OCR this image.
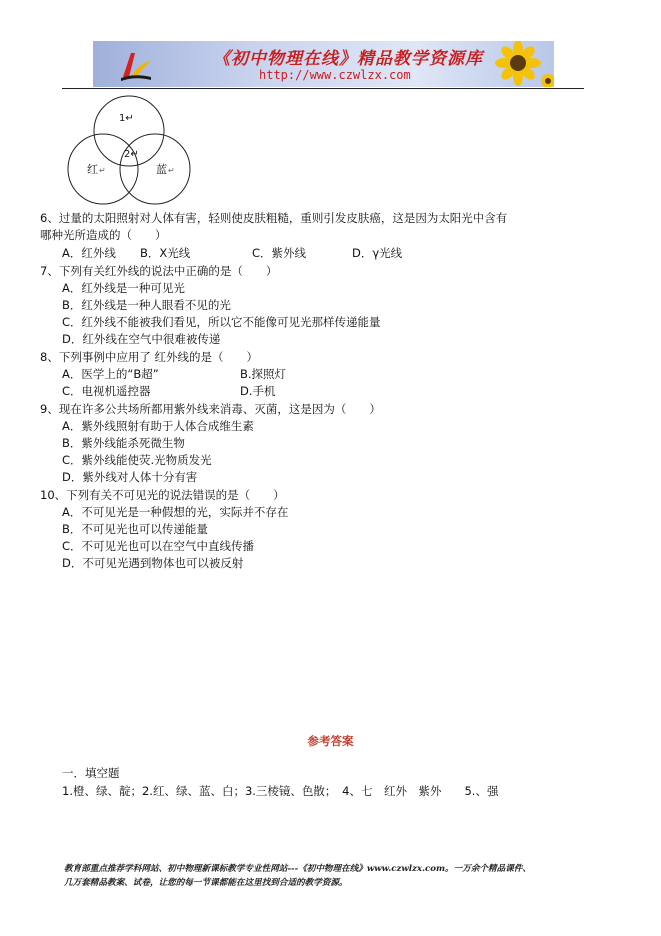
《初中物理在线》精品教学资源库
http://www.czwlzx.com
1↵
2↵
红 ↵	蓝 ↵
6、过量的太阳照射对人体有害，轻则使皮肤粗糙，重则引发皮肤癌，这是因为太阳光中含有
哪种光所造成的（　　）
A．红外线 B．X光线	C．紫外线	D．γ光线
7、下列有关红外线的说法中正确的是（　　）
A．红外线是一种可见光
B．红外线是一种人眼看不见的光
C．红外线不能被我们看见，所以它不能像可见光那样传递能量
D．红外线在空气中很难被传递
8、下列事例中应用了 红外线的是（　　）
A．医学上的“B超”	B.探照灯
C．电视机遥控器	D.手机
9、现在许多公共场所都用紫外线来消毒、灭菌，这是因为（　　）
A．紫外线照射有助于人体合成维生素
B．紫外线能杀死微生物
C．紫外线能使荧.光物质发光
D．紫外线对人体十分有害
10、下列有关不可见光的说法错误的是（　　）
A．不可见光是一种假想的光，实际并不存在
B．不可见光也可以传递能量
C．不可见光也可以在空气中直线传播
D．不可见光遇到物体也可以被反射
参考答案
一．填空题
1.橙、绿、靛；2.红、绿、蓝、白；3.三棱镜、色散；　4、七　红外　紫外　　5.、强
教育部重点推荐学科网站、初中物理新课标教学专业性网站---《初中物理在线》www.czwlzx.com。一万余个精品课件、
几万套精品教案、试卷，让您的每一节课都能在这里找到合适的教学资源。
